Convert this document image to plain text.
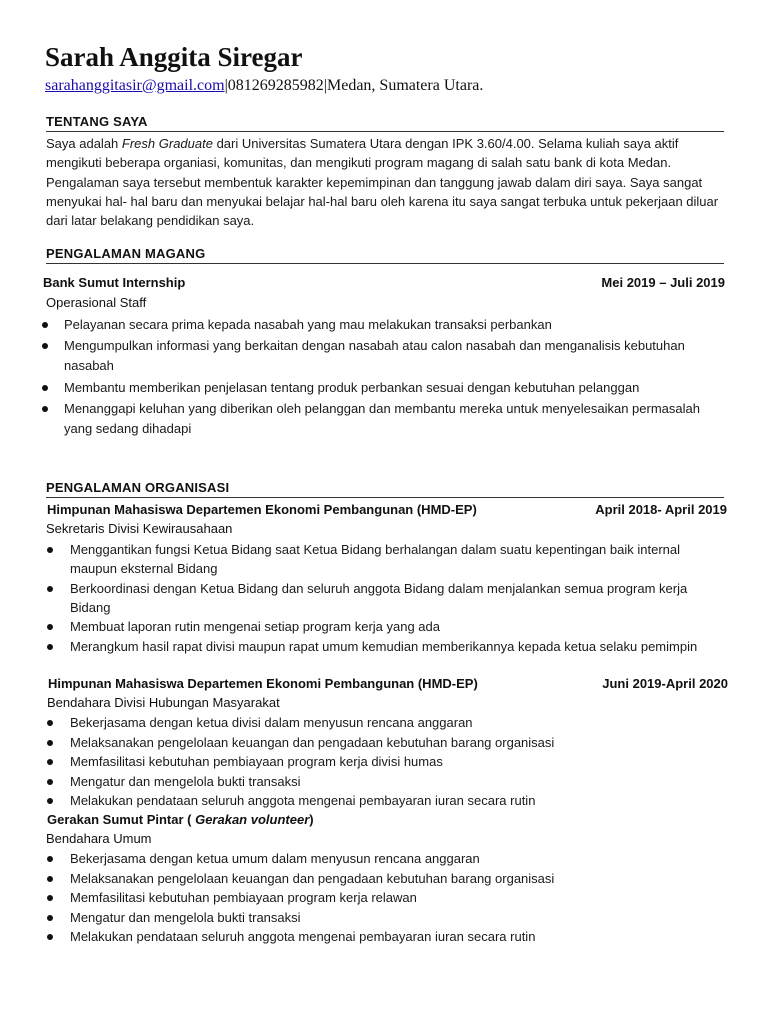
Sarah Anggita Siregar
sarahanggitasir@gmail.com|081269285982|Medan, Sumatera Utara.
TENTANG SAYA
Saya adalah Fresh Graduate dari Universitas Sumatera Utara dengan IPK 3.60/4.00. Selama kuliah saya aktif mengikuti beberapa organiasi, komunitas, dan mengikuti program magang di salah satu bank di kota Medan. Pengalaman saya tersebut membentuk karakter kepemimpinan dan tanggung jawab dalam diri saya. Saya sangat menyukai hal- hal baru dan menyukai belajar hal-hal baru oleh karena itu saya sangat terbuka untuk pekerjaan diluar dari latar belakang pendidikan saya.
PENGALAMAN MAGANG
Bank Sumut Internship	Mei 2019 – Juli 2019
Operasional Staff
Pelayanan secara prima kepada nasabah yang mau melakukan transaksi perbankan
Mengumpulkan informasi yang berkaitan dengan nasabah atau calon nasabah dan menganalisis kebutuhan nasabah
Membantu memberikan penjelasan tentang produk perbankan sesuai dengan kebutuhan pelanggan
Menanggapi keluhan yang diberikan oleh pelanggan dan membantu mereka untuk menyelesaikan permasalah yang sedang dihadapi
PENGALAMAN ORGANISASI
Himpunan Mahasiswa Departemen Ekonomi Pembangunan (HMD-EP)	April 2018- April 2019
Sekretaris Divisi Kewirausahaan
Menggantikan fungsi Ketua Bidang saat Ketua Bidang berhalangan dalam suatu kepentingan baik internal maupun eksternal Bidang
Berkoordinasi dengan Ketua Bidang dan seluruh anggota Bidang dalam menjalankan semua program kerja Bidang
Membuat laporan rutin mengenai setiap program kerja yang ada
Merangkum hasil rapat divisi maupun rapat umum kemudian memberikannya kepada ketua selaku pemimpin
Himpunan Mahasiswa Departemen Ekonomi Pembangunan (HMD-EP)	Juni 2019-April 2020
Bendahara Divisi Hubungan Masyarakat
Bekerjasama dengan ketua divisi dalam menyusun rencana anggaran
Melaksanakan pengelolaan keuangan dan pengadaan kebutuhan barang organisasi
Memfasilitasi kebutuhan pembiayaan program kerja divisi humas
Mengatur dan mengelola bukti transaksi
Melakukan pendataan seluruh anggota mengenai pembayaran iuran secara rutin
Gerakan Sumut Pintar ( Gerakan volunteer)
Bendahara Umum
Bekerjasama dengan ketua umum dalam menyusun rencana anggaran
Melaksanakan pengelolaan keuangan dan pengadaan kebutuhan barang organisasi
Memfasilitasi kebutuhan pembiayaan program kerja relawan
Mengatur dan mengelola bukti transaksi
Melakukan pendataan seluruh anggota mengenai pembayaran iuran secara rutin
